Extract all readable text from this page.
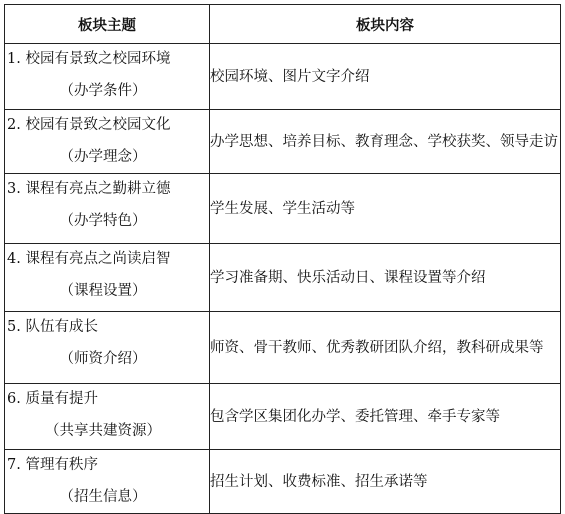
板块主题	板块内容

1. 校园有景致之校园环境
（办学条件）	校园环境、图片文字介绍

2. 校园有景致之校园文化
（办学理念）	办学思想、培养目标、教育理念、学校获奖、领导走访

3. 课程有亮点之勤耕立德
（办学特色）	学生发展、学生活动等

4. 课程有亮点之尚读启智
（课程设置）	学习准备期、快乐活动日、课程设置等介绍

5. 队伍有成长
（师资介绍）	师资、骨干教师、优秀教研团队介绍，教科研成果等

6. 质量有提升
（共享共建资源）	包含学区集团化办学、委托管理、牵手专家等

7. 管理有秩序
（招生信息）	招生计划、收费标准、招生承诺等
